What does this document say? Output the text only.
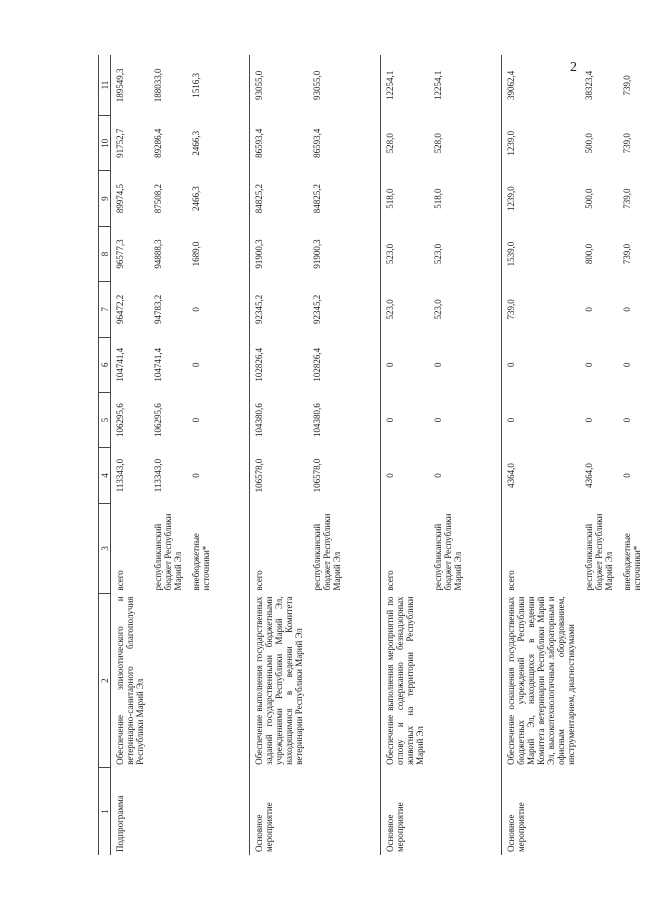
2
1	2	3	4	5	6	7	8	9	10	11
Подпрограмма	Обеспечение эпизоотического и ветеринарно-санитарного благополучия Республики Марий Эл	всего	113343,0	106295,6	104741,4	96472,2	96577,3	89974,5	91752,7	189549,3
		республиканский бюджет Республики Марий Эл	113343,0	106295,6	104741,4	94783,2	94888,3	87508,2	89286,4	188033,0
		внебюджетные источники*	0	0	0	0	1689,0	2466,3	2466,3	1516,3

Основное мероприятие	Обеспечение выполнения государственных заданий государственными бюджетными учреждениями Республики Марий Эл, находящимися в ведении Комитета ветеринарии Республики Марий Эл	всего	106578,0	104380,6	102826,4	92345,2	91900,3	84825,2	86593,4	93055,0
		республиканский бюджет Республики Марий Эл	106578,0	104380,6	102826,4	92345,2	91900,3	84825,2	86593,4	93055,0

Основное мероприятие	Обеспечение выполнения мероприятий по отлову и содержанию безнадзорных животных на территории Республики Марий Эл	всего	0	0	0	523,0	523,0	518,0	528,0	12254,1
		республиканский бюджет Республики Марий Эл	0	0	0	523,0	523,0	518,0	528,0	12254,1

Основное мероприятие	Обеспечение оснащения государственных бюджетных учреждений Республики Марий Эл, находящихся в ведении Комитета ветеринарии Республики Марий Эл, высокотехнологичным лабораторным и офисным оборудованием, инструментарием, диагностикумами	всего	4364,0	0	0	739,0	1539,0	1239,0	1239,0	39062,4
		республиканский бюджет Республики Марий Эл	4364,0	0	0	0	800,0	500,0	500,0	38323,4
		внебюджетные источники*	0	0	0	0	739,0	739,0	739,0	739,0
